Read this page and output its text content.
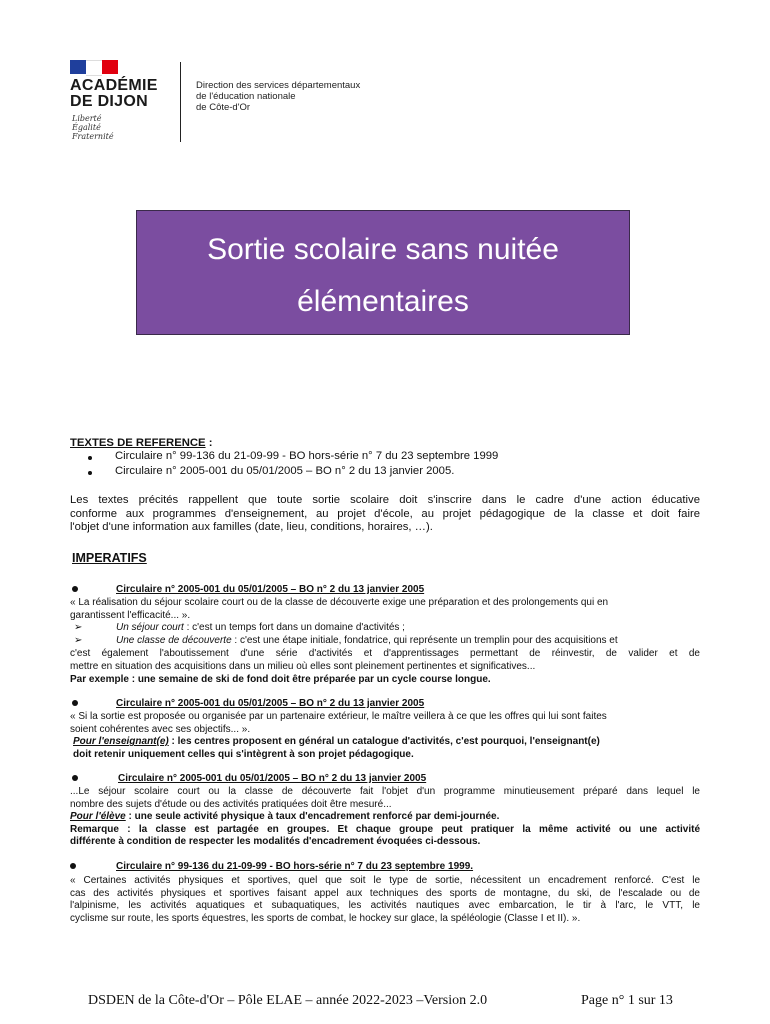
ACADÉMIE
DE DIJON
Liberté
Égalité
Fraternité
Direction des services départementaux
de l'éducation nationale
de Côte-d'Or
Sortie scolaire sans nuitée
élémentaires
TEXTES DE REFERENCE :
Circulaire n° 99-136 du 21-09-99 - BO hors-série n° 7 du 23 septembre 1999
Circulaire n° 2005-001 du 05/01/2005 – BO n° 2 du 13 janvier 2005.
Les textes précités rappellent que toute sortie scolaire doit s'inscrire dans le cadre d'une action éducative
conforme aux programmes d'enseignement, au projet d'école, au projet pédagogique de la classe et doit faire
l'objet d'une information aux familles (date, lieu, conditions, horaires, …).
IMPERATIFS
Circulaire n° 2005-001 du 05/01/2005 – BO n° 2 du 13 janvier 2005
« La réalisation du séjour scolaire court ou de la classe de découverte exige une préparation et des prolongements qui en
garantissent l'efficacité... ».
➢	Un séjour court : c'est un temps fort dans un domaine d'activités ;
➢	Une classe de découverte : c'est une étape initiale, fondatrice, qui représente un tremplin pour des acquisitions et
c'est également l'aboutissement d'une série d'activités et d'apprentissages permettant de réinvestir, de valider et de
mettre en situation des acquisitions dans un milieu où elles sont pleinement pertinentes et significatives...
Par exemple : une semaine de ski de fond doit être préparée par un cycle course longue.
Circulaire n° 2005-001 du 05/01/2005 – BO n° 2 du 13 janvier 2005
« Si la sortie est proposée ou organisée par un partenaire extérieur, le maître veillera à ce que les offres qui lui sont faites
soient cohérentes avec ses objectifs... ».
Pour l'enseignant(e) : les centres proposent en général un catalogue d'activités, c'est pourquoi, l'enseignant(e)
doit retenir uniquement celles qui s'intègrent à son projet pédagogique.
Circulaire n° 2005-001 du 05/01/2005 – BO n° 2 du 13 janvier 2005
...Le séjour scolaire court ou la classe de découverte fait l'objet d'un programme minutieusement préparé dans lequel le
nombre des sujets d'étude ou des activités pratiquées doit être mesuré...
Pour l'élève : une seule activité physique à taux d'encadrement renforcé par demi-journée.
Remarque : la classe est partagée en groupes. Et chaque groupe peut pratiquer la même activité ou une activité
différente à condition de respecter les modalités d'encadrement évoquées ci-dessous.
Circulaire n° 99-136 du 21-09-99 - BO hors-série n° 7 du 23 septembre 1999.
« Certaines activités physiques et sportives, quel que soit le type de sortie, nécessitent un encadrement renforcé. C'est le
cas des activités physiques et sportives faisant appel aux techniques des sports de montagne, du ski, de l'escalade ou de
l'alpinisme, les activités aquatiques et subaquatiques, les activités nautiques avec embarcation, le tir à l'arc, le VTT, le
cyclisme sur route, les sports équestres, les sports de combat, le hockey sur glace, la spéléologie (Classe I et II). ».
DSDEN de la Côte-d'Or – Pôle ELAE – année 2022-2023 –Version 2.0	Page n° 1 sur 13
